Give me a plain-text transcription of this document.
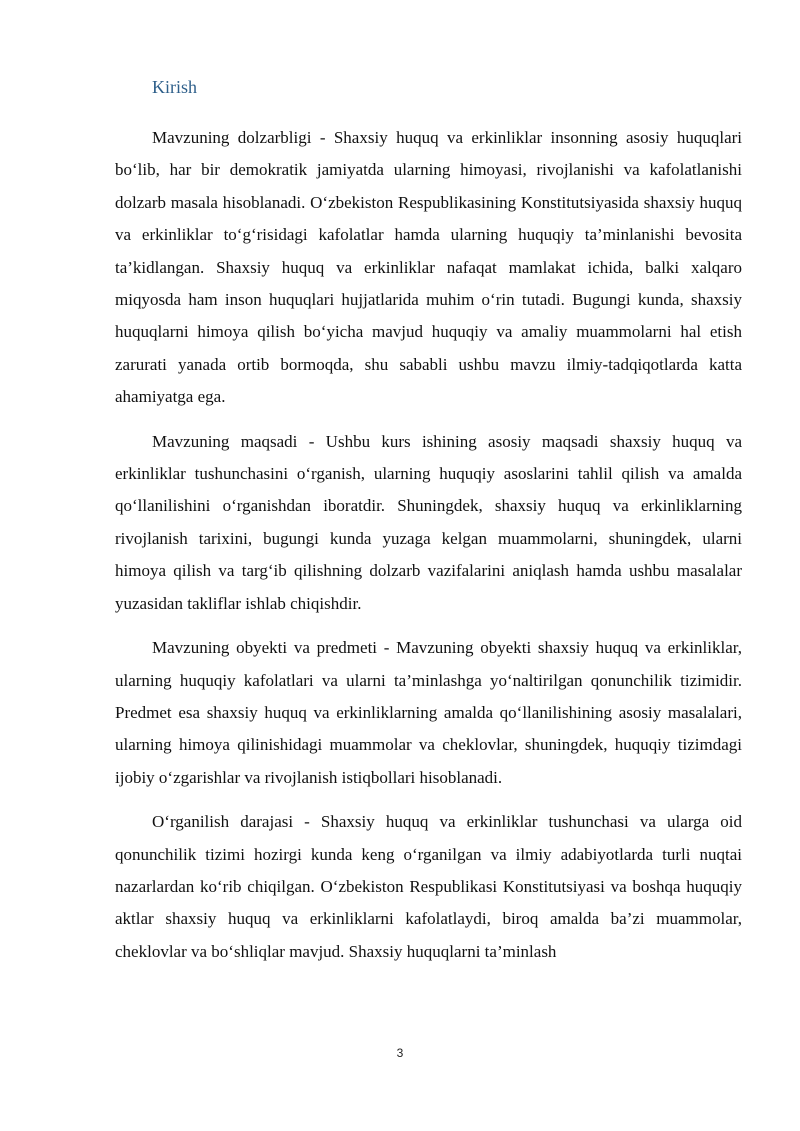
Kirish

Mavzuning dolzarbligi - Shaxsiy huquq va erkinliklar insonning asosiy huquqlari bo‘lib, har bir demokratik jamiyatda ularning himoyasi, rivojlanishi va kafolatlanishi dolzarb masala hisoblanadi. O‘zbekiston Respublikasining Konstitutsiyasida shaxsiy huquq va erkinliklar to‘g‘risidagi kafolatlar hamda ularning huquqiy ta’minlanishi bevosita ta’kidlangan. Shaxsiy huquq va erkinliklar nafaqat mamlakat ichida, balki xalqaro miqyosda ham inson huquqlari hujjatlarida muhim o‘rin tutadi. Bugungi kunda, shaxsiy huquqlarni himoya qilish bo‘yicha mavjud huquqiy va amaliy muammolarni hal etish zarurati yanada ortib bormoqda, shu sababli ushbu mavzu ilmiy-tadqiqotlarda katta ahamiyatga ega.

Mavzuning maqsadi - Ushbu kurs ishining asosiy maqsadi shaxsiy huquq va erkinliklar tushunchasini o‘rganish, ularning huquqiy asoslarini tahlil qilish va amalda qo‘llanilishini o‘rganishdan iboratdir. Shuningdek, shaxsiy huquq va erkinliklarning rivojlanish tarixini, bugungi kunda yuzaga kelgan muammolarni, shuningdek, ularni himoya qilish va targ‘ib qilishning dolzarb vazifalarini aniqlash hamda ushbu masalalar yuzasidan takliflar ishlab chiqishdir.

Mavzuning obyekti va predmeti - Mavzuning obyekti shaxsiy huquq va erkinliklar, ularning huquqiy kafolatlari va ularni ta’minlashga yo‘naltirilgan qonunchilik tizimidir. Predmet esa shaxsiy huquq va erkinliklarning amalda qo‘llanilishining asosiy masalalari, ularning himoya qilinishidagi muammolar va cheklovlar, shuningdek, huquqiy tizimdagi ijobiy o‘zgarishlar va rivojlanish istiqbollari hisoblanadi.

O‘rganilish darajasi - Shaxsiy huquq va erkinliklar tushunchasi va ularga oid qonunchilik tizimi hozirgi kunda keng o‘rganilgan va ilmiy adabiyotlarda turli nuqtai nazarlardan ko‘rib chiqilgan. O‘zbekiston Respublikasi Konstitutsiyasi va boshqa huquqiy aktlar shaxsiy huquq va erkinliklarni kafolatlaydi, biroq amalda ba’zi muammolar, cheklovlar va bo‘shliqlar mavjud. Shaxsiy huquqlarni ta’minlash

3
